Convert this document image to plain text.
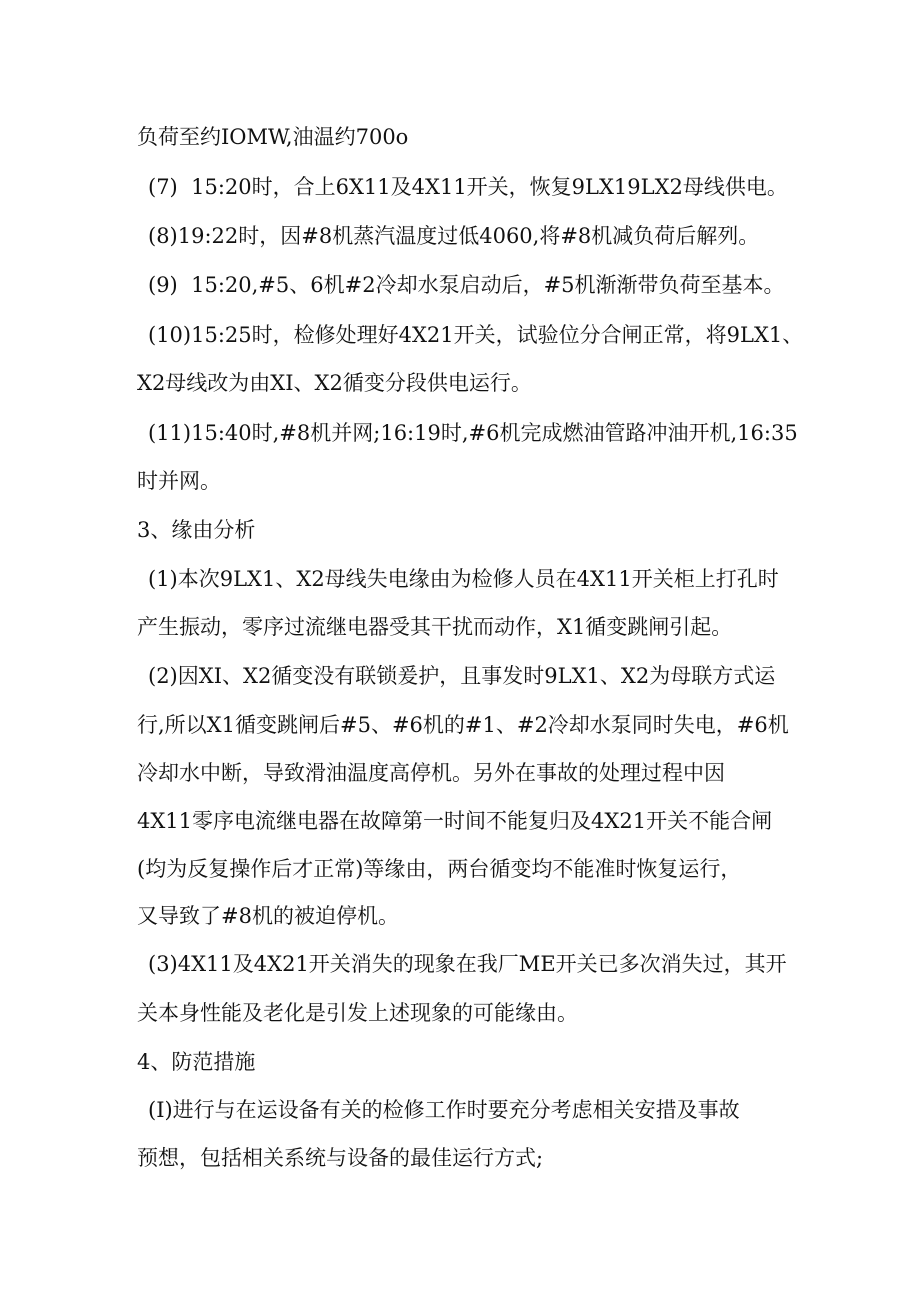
负荷至约IOMW,油温约700o
(7)  15:20时，合上6X11及4X11开关，恢复9LX19LX2母线供电。
(8)19:22时，因#8机蒸汽温度过低4060,将#8机减负荷后解列。
(9)  15:20,#5、6机#2冷却水泵启动后，#5机渐渐带负荷至基本。
(10)15:25时，检修处理好4X21开关，试验位分合闸正常，将9LX1、
X2母线改为由XI、X2循变分段供电运行。
(11)15:40时,#8机并网;16:19时,#6机完成燃油管路冲油开机,16:35
时并网。
3、缘由分析
(1)本次9LX1、X2母线失电缘由为检修人员在4X11开关柜上打孔时
产生振动，零序过流继电器受其干扰而动作，X1循变跳闸引起。
(2)因XI、X2循变没有联锁爰护，且事发时9LX1、X2为母联方式运
行,所以X1循变跳闸后#5、#6机的#1、#2冷却水泵同时失电，#6机
冷却水中断，导致滑油温度高停机。另外在事故的处理过程中因
4X11零序电流继电器在故障第一时间不能复归及4X21开关不能合闸
(均为反复操作后才正常)等缘由，两台循变均不能准时恢复运行，
又导致了#8机的被迫停机。
(3)4X11及4X21开关消失的现象在我厂ME开关已多次消失过，其开
关本身性能及老化是引发上述现象的可能缘由。
4、防范措施
(I)进行与在运设备有关的检修工作时要充分考虑相关安措及事故
预想，包括相关系统与设备的最佳运行方式;
